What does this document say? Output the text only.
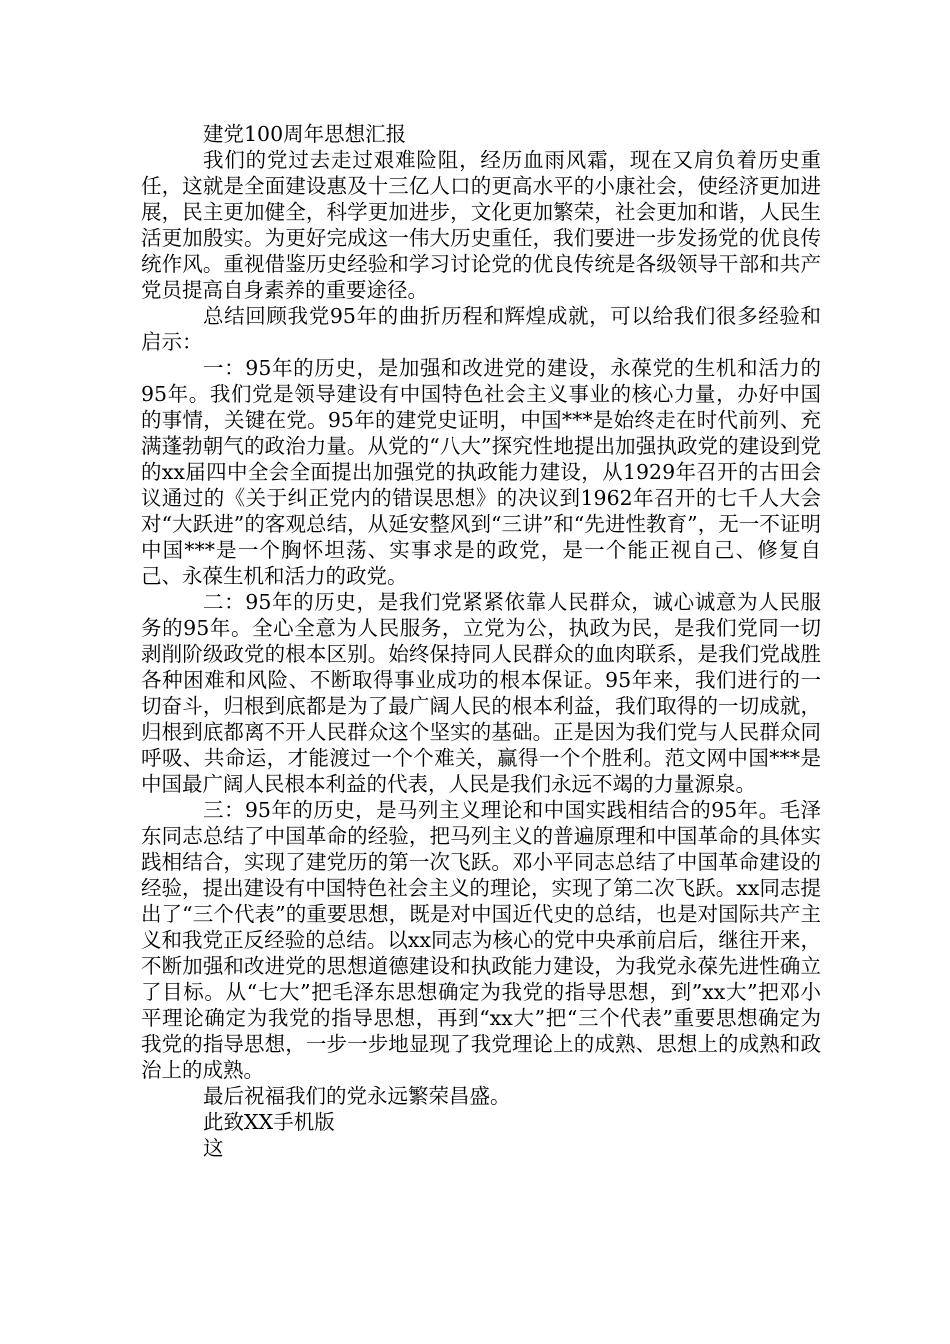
建党100周年思想汇报

我们的党过去走过艰难险阻，经历血雨风霜，现在又肩负着历史重任，这就是全面建设惠及十三亿人口的更高水平的小康社会，使经济更加进展，民主更加健全，科学更加进步，文化更加繁荣，社会更加和谐，人民生活更加殷实。为更好完成这一伟大历史重任，我们要进一步发扬党的优良传统作风。重视借鉴历史经验和学习讨论党的优良传统是各级领导干部和共产党员提高自身素养的重要途径。

总结回顾我党95年的曲折历程和辉煌成就，可以给我们很多经验和启示：

一：95年的历史，是加强和改进党的建设，永葆党的生机和活力的95年。我们党是领导建设有中国特色社会主义事业的核心力量，办好中国的事情，关键在党。95年的建党史证明，中国***是始终走在时代前列、充满蓬勃朝气的政治力量。从党的“八大”探究性地提出加强执政党的建设到党的xx届四中全会全面提出加强党的执政能力建设，从1929年召开的古田会议通过的《关于纠正党内的错误思想》的决议到1962年召开的七千人大会对“大跃进”的客观总结，从延安整风到“三讲”和“先进性教育”，无一不证明中国***是一个胸怀坦荡、实事求是的政党，是一个能正视自己、修复自己、永葆生机和活力的政党。

二：95年的历史，是我们党紧紧依靠人民群众，诚心诚意为人民服务的95年。全心全意为人民服务，立党为公，执政为民，是我们党同一切剥削阶级政党的根本区别。始终保持同人民群众的血肉联系，是我们党战胜各种困难和风险、不断取得事业成功的根本保证。95年来，我们进行的一切奋斗，归根到底都是为了最广阔人民的根本利益，我们取得的一切成就，归根到底都离不开人民群众这个坚实的基础。正是因为我们党与人民群众同呼吸、共命运，才能渡过一个个难关，赢得一个个胜利。范文网中国***是中国最广阔人民根本利益的代表，人民是我们永远不竭的力量源泉。

三：95年的历史，是马列主义理论和中国实践相结合的95年。毛泽东同志总结了中国革命的经验，把马列主义的普遍原理和中国革命的具体实践相结合，实现了建党历的第一次飞跃。邓小平同志总结了中国革命建设的经验，提出建设有中国特色社会主义的理论，实现了第二次飞跃。xx同志提出了“三个代表”的重要思想，既是对中国近代史的总结，也是对国际共产主义和我党正反经验的总结。以xx同志为核心的党中央承前启后，继往开来，不断加强和改进党的思想道德建设和执政能力建设，为我党永葆先进性确立了目标。从“七大”把毛泽东思想确定为我党的指导思想，到”xx大”把邓小平理论确定为我党的指导思想，再到“xx大”把“三个代表”重要思想确定为我党的指导思想，一步一步地显现了我党理论上的成熟、思想上的成熟和政治上的成熟。

最后祝福我们的党永远繁荣昌盛。

此致XX手机版

这
